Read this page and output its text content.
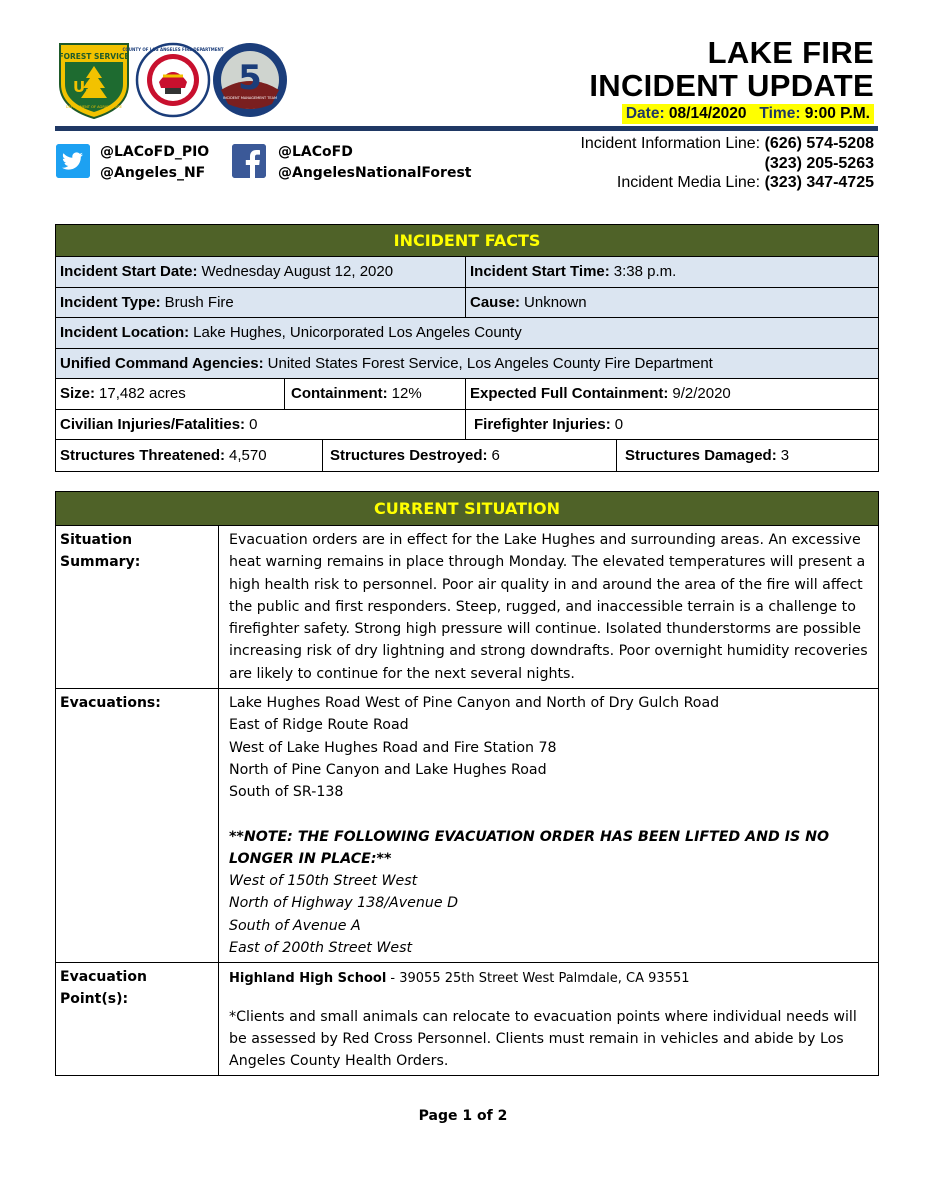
FOREST SERVICE
US
DEPARTMENT OF AGRICULTURE
COUNTY OF LOS ANGELES FIRE DEPARTMENT
5
INCIDENT MANAGEMENT TEAM
LAKE FIRE
INCIDENT UPDATE
Date: 08/14/2020 Time: 9:00 P.M.
@LACoFD_PIO
@Angeles_NF
@LACoFD
@AngelesNationalForest
Incident Information Line: (626) 574-5208
(323) 205-5263
Incident Media Line: (323) 347-4725
INCIDENT FACTS
Incident Start Date: Wednesday August 12, 2020	Incident Start Time: 3:38 p.m.
Incident Type: Brush Fire	Cause: Unknown
Incident Location: Lake Hughes, Unicorporated Los Angeles County
Unified Command Agencies: United States Forest Service, Los Angeles County Fire Department
Size: 17,482 acres	Containment: 12%	Expected Full Containment: 9/2/2020
Civilian Injuries/Fatalities: 0	Firefighter Injuries: 0
Structures Threatened: 4,570	Structures Destroyed: 6	Structures Damaged: 3
CURRENT SITUATION
Situation Summary:
Evacuation orders are in effect for the Lake Hughes and surrounding areas. An excessive heat warning remains in place through Monday. The elevated temperatures will present a high health risk to personnel. Poor air quality in and around the area of the fire will affect the public and first responders. Steep, rugged, and inaccessible terrain is a challenge to firefighter safety. Strong high pressure will continue. Isolated thunderstorms are possible increasing risk of dry lightning and strong downdrafts. Poor overnight humidity recoveries are likely to continue for the next several nights.
Evacuations:	Lake Hughes Road West of Pine Canyon and North of Dry Gulch Road
East of Ridge Route Road
West of Lake Hughes Road and Fire Station 78
North of Pine Canyon and Lake Hughes Road
South of SR-138
**NOTE: THE FOLLOWING EVACUATION ORDER HAS BEEN LIFTED AND IS NO LONGER IN PLACE:**
West of 150th Street West
North of Highway 138/Avenue D
South of Avenue A
East of 200th Street West
Evacuation Point(s):
Highland High School - 39055 25th Street West Palmdale, CA 93551
*Clients and small animals can relocate to evacuation points where individual needs will be assessed by Red Cross Personnel. Clients must remain in vehicles and abide by Los Angeles County Health Orders.
Page 1 of 2
